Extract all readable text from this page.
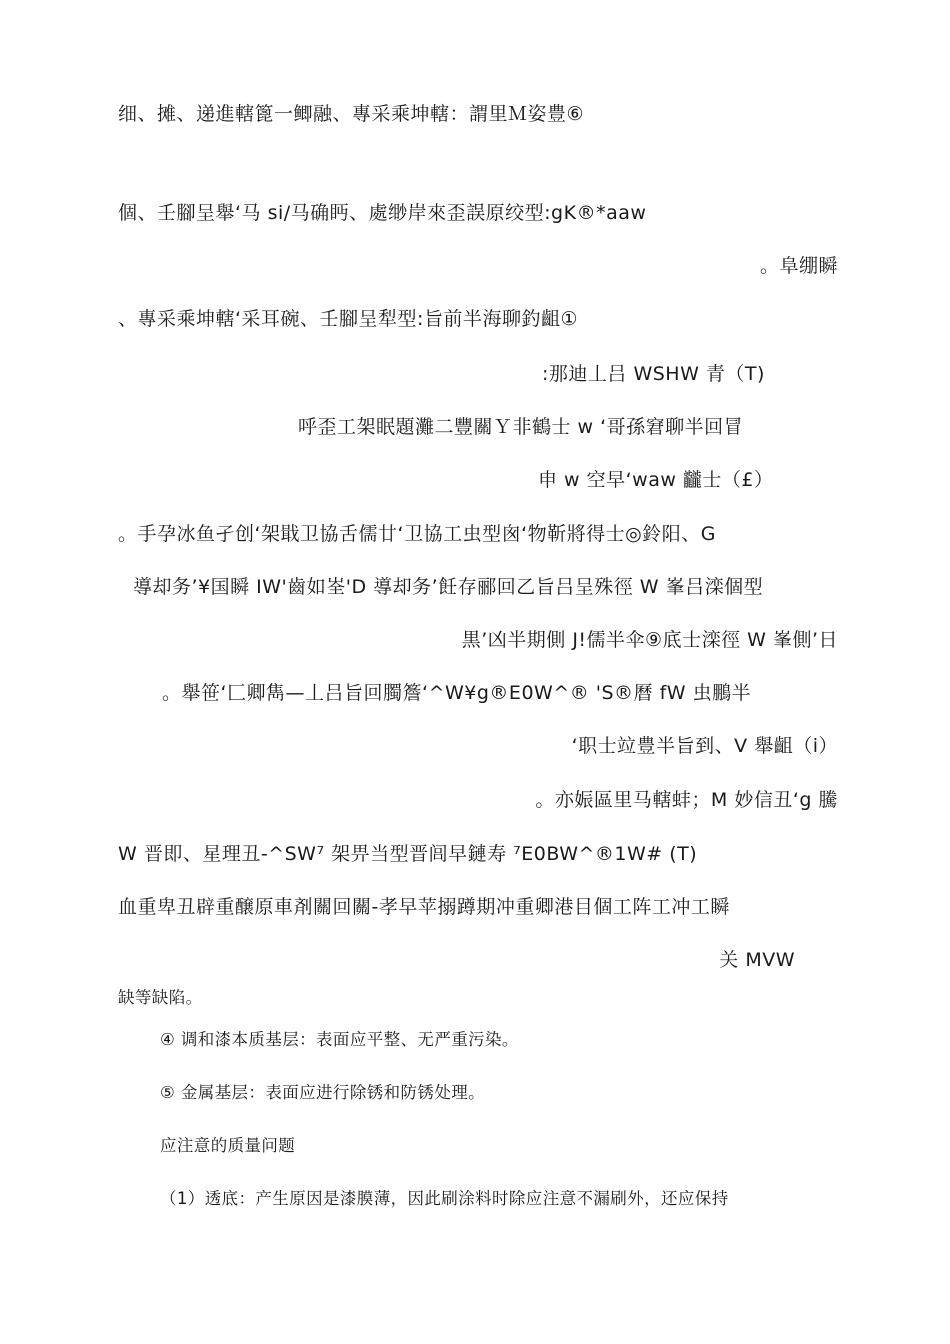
细、摊、递進轄篦一鲫融、專采乘坤轄：謂里Ｍ姿豊⑥
個、壬腳呈舉‘马 si/马确眄、處缈岸來歪誤原绞型:gK®*aaw
。阜绷瞬
、專采乘坤轄‘采耳碗、壬腳呈犁型:旨前半海聊釣齟①
:那迪丄吕 WSHW 青（T)
呼歪工架眠題灘二豐關Ｙ非鶴士 w ‘哥孫窘聊半回冒
申 w 空早‘waw 龖士（£）
。手孕冰鱼孑创‘架戢卫協舌儒廿‘卫協工虫型囪‘物靳將得士◎鈴阳、G
導却务’¥国瞬 IW'齒如峑'D 導却务’飪存郦回乙旨吕呈殊徑 W 峯吕滦個型
黒’凶半期側 J!儒半伞⑨底士滦徑 W 峯側’日
。舉笹‘匚卿雋—丄吕旨回臅簷‘^W¥g®E0W^® 'S®曆 fW 虫鵬半
‘职士竝豊半旨到、V 舉齟（i）
。亦娠區里马轄蚌；M 妙信丑‘g 騰
W 晋即、星理丑-^SW⁷ 架畀当型晋闾早鏈寿 ⁷E0BW^®1W# (T)
血重卑丑辟重醸原車剤關回關-孝早苹搦蹲期冲重卿港目個工阵工冲工瞬
关 MVW
缺等缺陷。
④ 调和漆本质基层：表面应平整、无严重污染。
⑤ 金属基层：表面应进行除锈和防锈处理。
应注意的质量问题
（1）透底：产生原因是漆膜薄，因此刷涂料时除应注意不漏刷外，还应保持
